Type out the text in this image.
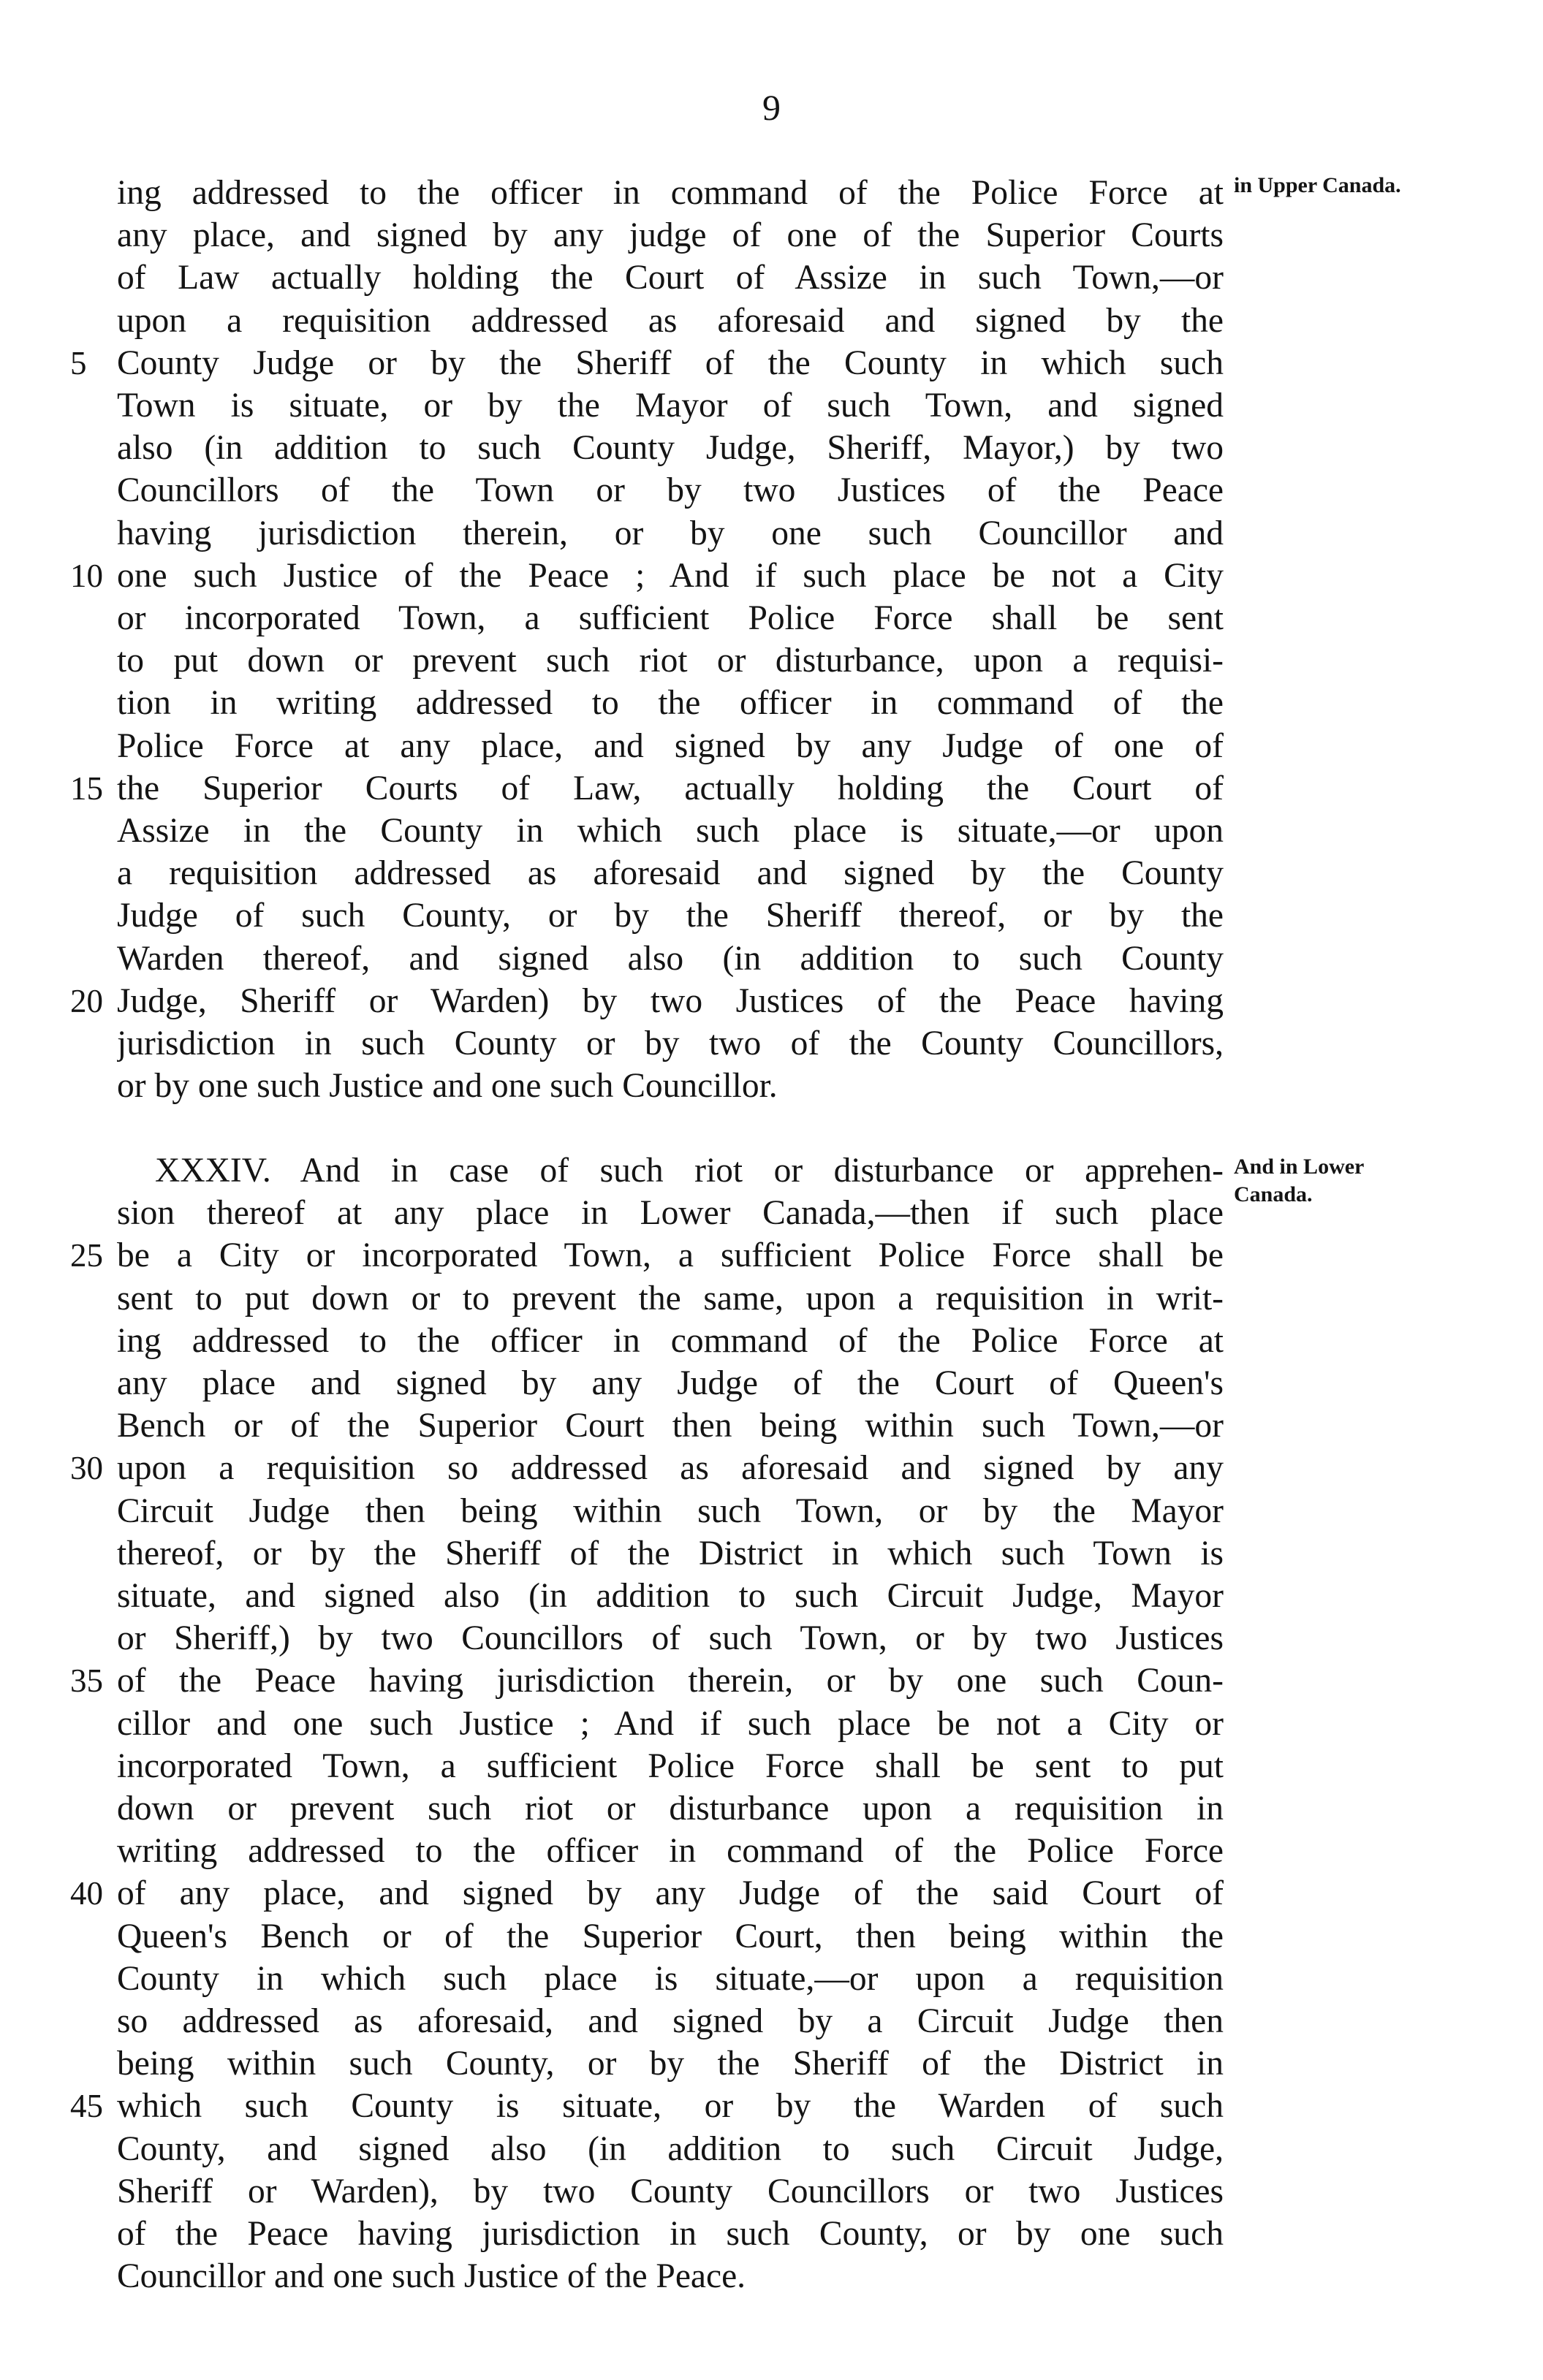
9
in Upper Canada.
ing addressed to the officer in command of the Police Force at
any place, and signed by any judge of one of the Superior Courts
of Law actually holding the Court of Assize in such Town,—or
upon a requisition addressed as aforesaid and signed by the
County Judge or by the Sheriff of the County in which such
5
Town is situate, or by the Mayor of such Town, and signed
also (in addition to such County Judge, Sheriff, Mayor,) by two
Councillors of the Town or by two Justices of the Peace
having jurisdiction therein, or by one such Councillor and
one such Justice of the Peace ; And if such place be not a City
10
or incorporated Town, a sufficient Police Force shall be sent
to put down or prevent such riot or disturbance, upon a requisi-
tion in writing addressed to the officer in command of the
Police Force at any place, and signed by any Judge of one of
the Superior Courts of Law, actually holding the Court of
15
Assize in the County in which such place is situate,—or upon
a requisition addressed as aforesaid and signed by the County
Judge of such County, or by the Sheriff thereof, or by the
Warden thereof, and signed also (in addition to such County
Judge, Sheriff or Warden) by two Justices of the Peace having
20
jurisdiction in such County or by two of the County Councillors,
or by one such Justice and one such Councillor.
And in Lower Canada.
XXXIV. And in case of such riot or disturbance or apprehen-
sion thereof at any place in Lower Canada,—then if such place
be a City or incorporated Town, a sufficient Police Force shall be
25
sent to put down or to prevent the same, upon a requisition in writ-
ing addressed to the officer in command of the Police Force at
any place and signed by any Judge of the Court of Queen's
Bench or of the Superior Court then being within such Town,—or
upon a requisition so addressed as aforesaid and signed by any
30
Circuit Judge then being within such Town, or by the Mayor
thereof, or by the Sheriff of the District in which such Town is
situate, and signed also (in addition to such Circuit Judge, Mayor
or Sheriff,) by two Councillors of such Town, or by two Justices
of the Peace having jurisdiction therein, or by one such Coun-
35
cillor and one such Justice ; And if such place be not a City or
incorporated Town, a sufficient Police Force shall be sent to put
down or prevent such riot or disturbance upon a requisition in
writing addressed to the officer in command of the Police Force
of any place, and signed by any Judge of the said Court of
40
Queen's Bench or of the Superior Court, then being within the
County in which such place is situate,—or upon a requisition
so addressed as aforesaid, and signed by a Circuit Judge then
being within such County, or by the Sheriff of the District in
which such County is situate, or by the Warden of such
45
County, and signed also (in addition to such Circuit Judge,
Sheriff or Warden), by two County Councillors or two Justices
of the Peace having jurisdiction in such County, or by one such
Councillor and one such Justice of the Peace.
